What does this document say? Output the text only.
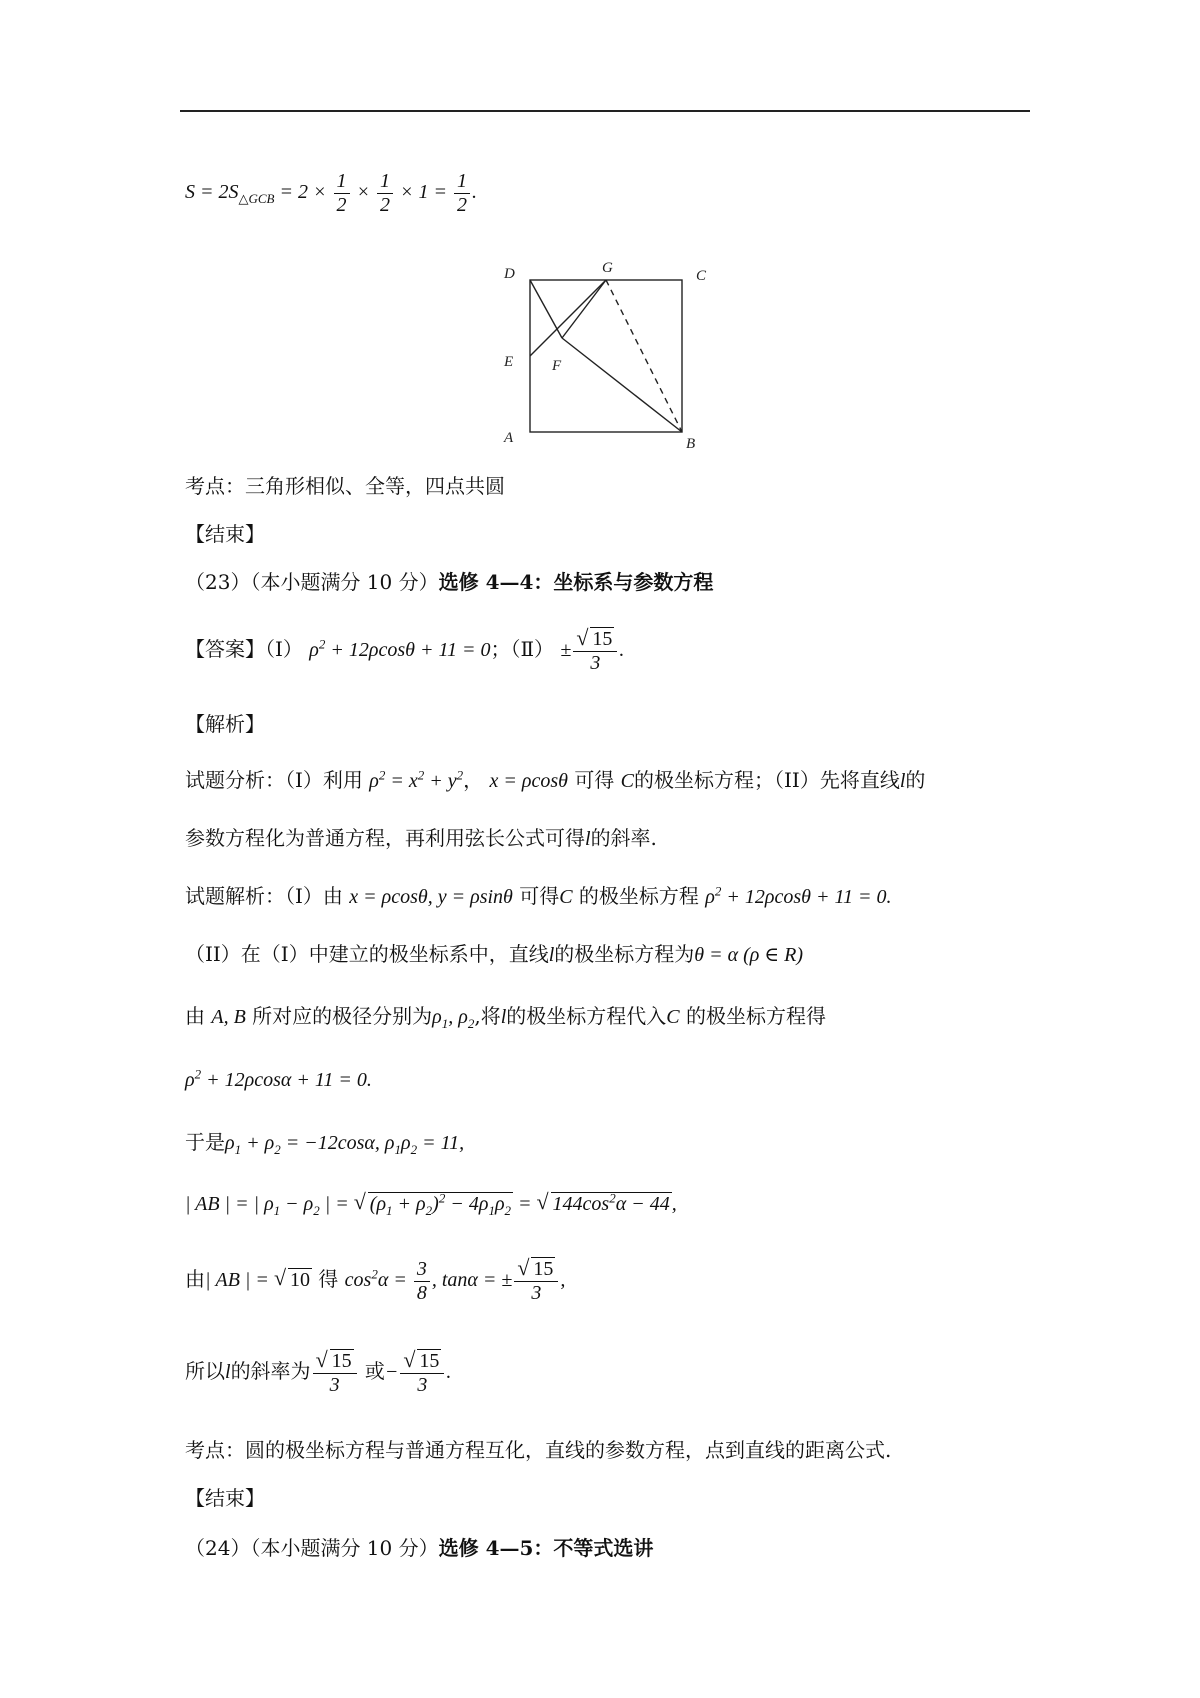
$S = 2S_{\triangle GCB} = 2 \times \frac{1}{2} \times \frac{1}{2} \times 1 = \frac{1}{2}$ .
D	G	C
E	F
A	B
考点：三角形相似、全等，四点共圆
【结束】
（23）（本小题满分 10 分）选修 4—4：坐标系与参数方程
【答案】（Ⅰ） $\rho^2 + 12\rho\cos\theta + 11 = 0$；（Ⅱ） ± √ $\frac{15}{3}$ .
【解析】
试题分析：（I）利用 $\rho^2 = x^2 + y^2$， x = ρcosθ 可得 C的极坐标方程；（II）先将直线l的
参数方程化为普通方程，再利用弦长公式可得l的斜率.
试题解析：（I）由 x = ρcosθ, y = ρsinθ 可得C 的极坐标方程 $\rho^2 + 12\rho\cos\theta + 11 = 0$.
（II）在（I）中建立的极坐标系中，直线l的极坐标方程为θ = α (ρ ∈ R)
由 A, B 所对应的极径分别为$\rho_1$, $\rho_2$,将l的极坐标方程代入C 的极坐标方程得
$\rho^2 + 12\rho\cos\alpha + 11 = 0$.
于是$\rho_1 + \rho_2 = -12\cos\alpha$, $\rho_1\rho_2 = 11$,
| AB | = | $\rho_1 - \rho_2$ | = √ $(\rho_1 + \rho_2)^2 - 4\rho_1\rho_2$ = √ $144\cos^2\alpha - 44$ ,
由| AB | = √ 10 得 $\cos^2\alpha = \frac{3}{8}$ , tanα = ± √ $\frac{15}{3}$ ,
所以l的斜率为 √ $\frac{15}{3}$ 或− √ $\frac{15}{3}$ .
考点：圆的极坐标方程与普通方程互化，直线的参数方程，点到直线的距离公式.
【结束】
（24）（本小题满分 10 分）选修 4—5：不等式选讲
